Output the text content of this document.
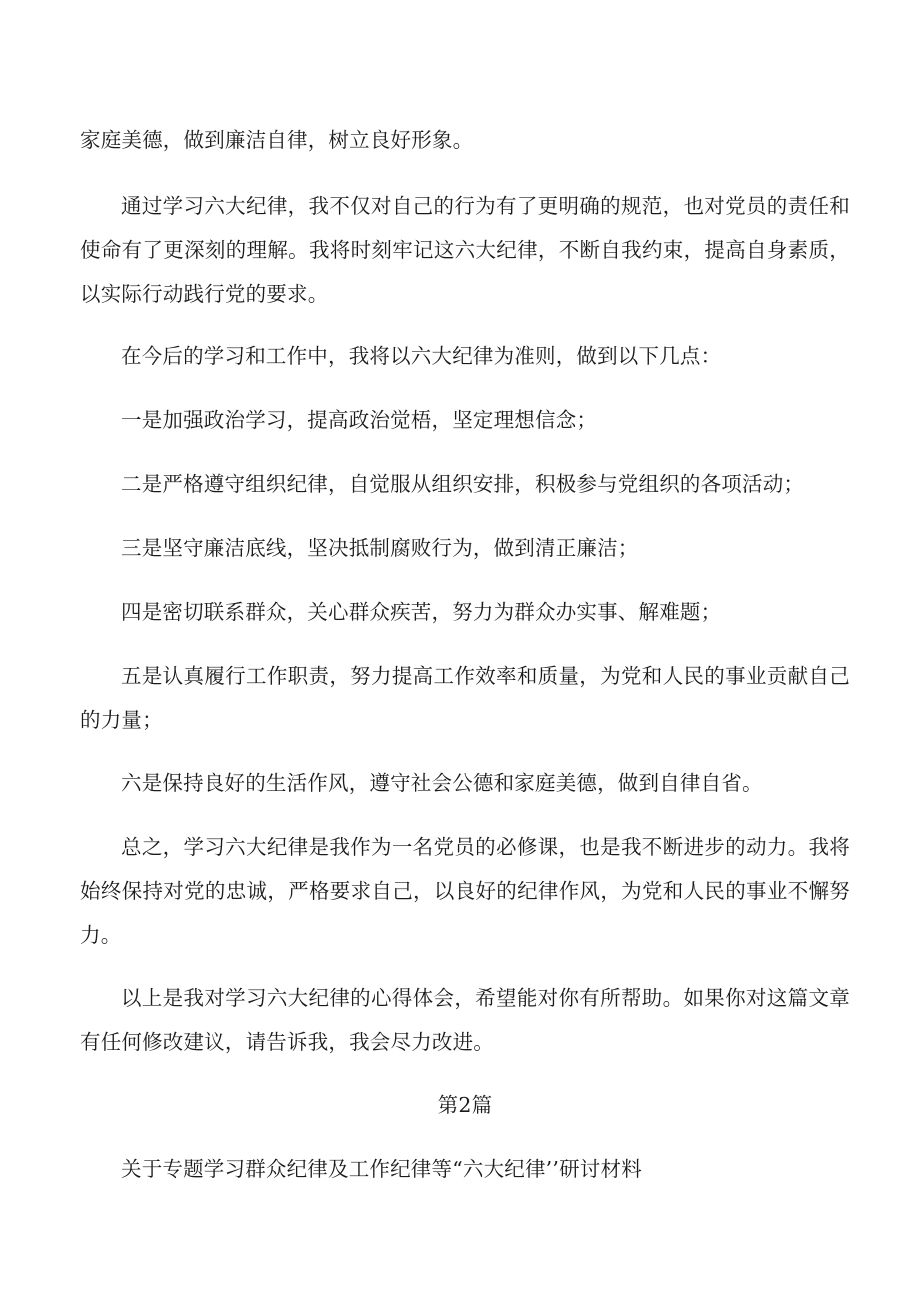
家庭美德，做到廉洁自律，树立良好形象。

通过学习六大纪律，我不仅对自己的行为有了更明确的规范，也对党员的责任和使命有了更深刻的理解。我将时刻牢记这六大纪律，不断自我约束，提高自身素质，以实际行动践行党的要求。

在今后的学习和工作中，我将以六大纪律为准则，做到以下几点：

一是加强政治学习，提高政治觉梧，坚定理想信念；

二是严格遵守组织纪律，自觉服从组织安排，积极参与党组织的各项活动；

三是坚守廉洁底线，坚决抵制腐败行为，做到清正廉洁；

四是密切联系群众，关心群众疾苦，努力为群众办实事、解难题；

五是认真履行工作职责，努力提高工作效率和质量，为党和人民的事业贡献自己的力量；

六是保持良好的生活作风，遵守社会公德和家庭美德，做到自律自省。

总之，学习六大纪律是我作为一名党员的必修课，也是我不断进步的动力。我将始终保持对党的忠诚，严格要求自己，以良好的纪律作风，为党和人民的事业不懈努力。

以上是我对学习六大纪律的心得体会，希望能对你有所帮助。如果你对这篇文章有任何修改建议，请告诉我，我会尽力改进。

第2篇

关于专题学习群众纪律及工作纪律等“六大纪律’’研讨材料
